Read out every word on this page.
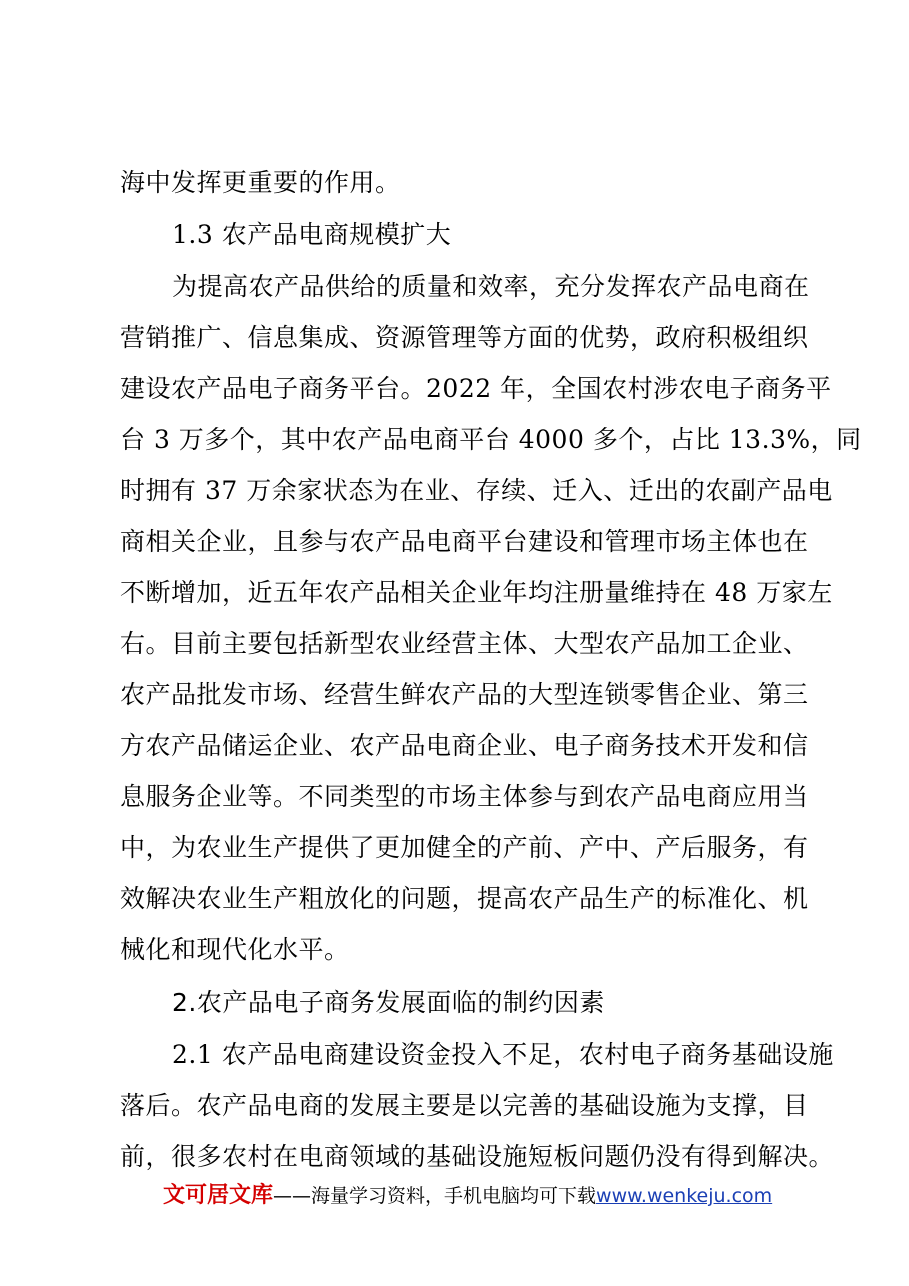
海中发挥更重要的作用。
1.3 农产品电商规模扩大
为提高农产品供给的质量和效率，充分发挥农产品电商在
营销推广、信息集成、资源管理等方面的优势，政府积极组织
建设农产品电子商务平台。2022 年，全国农村涉农电子商务平
台 3 万多个，其中农产品电商平台 4000 多个，占比 13.3%，同
时拥有 37 万余家状态为在业、存续、迁入、迁出的农副产品电
商相关企业，且参与农产品电商平台建设和管理市场主体也在
不断增加，近五年农产品相关企业年均注册量维持在 48 万家左
右。目前主要包括新型农业经营主体、大型农产品加工企业、
农产品批发市场、经营生鲜农产品的大型连锁零售企业、第三
方农产品储运企业、农产品电商企业、电子商务技术开发和信
息服务企业等。不同类型的市场主体参与到农产品电商应用当
中，为农业生产提供了更加健全的产前、产中、产后服务，有
效解决农业生产粗放化的问题，提高农产品生产的标准化、机
械化和现代化水平。
2.农产品电子商务发展面临的制约因素
2.1 农产品电商建设资金投入不足，农村电子商务基础设施
落后。农产品电商的发展主要是以完善的基础设施为支撑，目
前，很多农村在电商领域的基础设施短板问题仍没有得到解决。
文可居文库——海量学习资料，手机电脑均可下载www.wenkeju.com
